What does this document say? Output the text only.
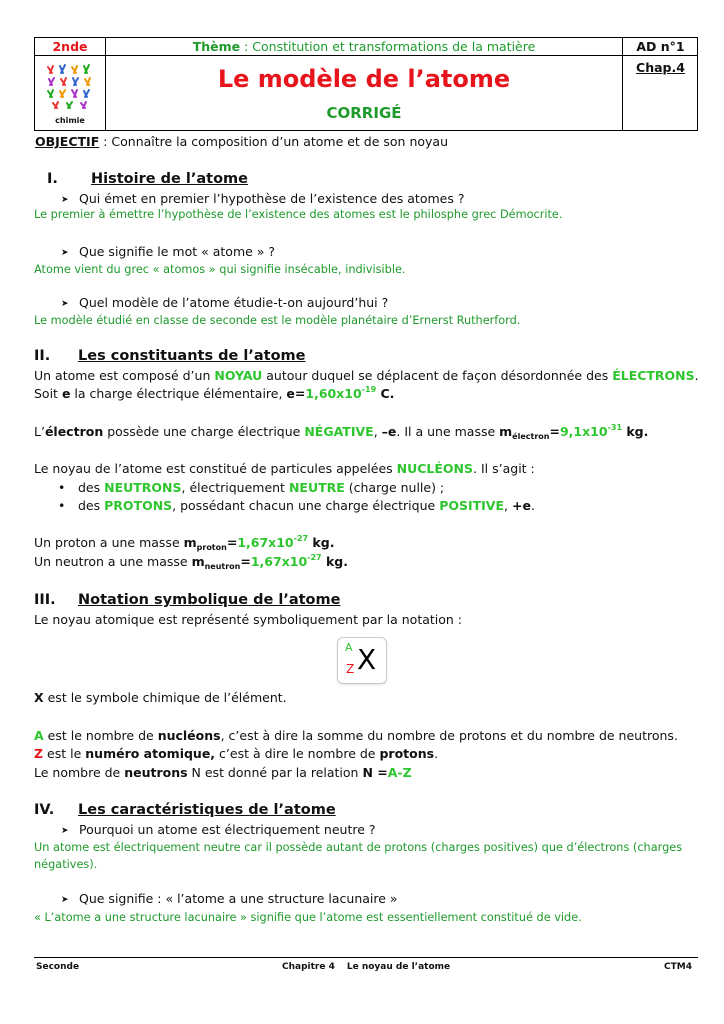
2nde	Thème : Constitution et transformations de la matière	AD n°1
chimie
Le modèle de l’atome
CORRIGÉ
Chap.4
OBJECTIF : Connaître la composition d’un atome et de son noyau
I. Histoire de l’atome
➤ Qui émet en premier l’hypothèse de l’existence des atomes ?
Le premier à émettre l’hypothèse de l’existence des atomes est le philosphe grec Démocrite.
➤ Que signifie le mot « atome » ?
Atome vient du grec « atomos » qui signifie insécable, indivisible.
➤ Quel modèle de l’atome étudie-t-on aujourd’hui ?
Le modèle étudié en classe de seconde est le modèle planétaire d’Ernerst Rutherford.
II. Les constituants de l’atome
Un atome est composé d’un NOYAU autour duquel se déplacent de façon désordonnée des ÉLECTRONS.
Soit e la charge électrique élémentaire, $e=1,60x10^{-19}$ C.
L’électron possède une charge électrique NÉGATIVE, –e. Il a une masse $m_{électron}=9,1x10^{-31}$ kg.
Le noyau de l’atome est constitué de particules appelées NUCLÉONS. Il s’agit :
• des NEUTRONS, électriquement NEUTRE (charge nulle) ;
• des PROTONS, possédant chacun une charge électrique POSITIVE, +e.
Un proton a une masse $m_{proton}=1,67x10^{-27}$ kg.
Un neutron a une masse $m_{neutron}=1,67x10^{-27}$ kg.
III. Notation symbolique de l’atome
Le noyau atomique est représenté symboliquement par la notation :
A
Z X
X est le symbole chimique de l’élément.
A est le nombre de nucléons, c’est à dire la somme du nombre de protons et du nombre de neutrons.
Z est le numéro atomique, c’est à dire le nombre de protons.
Le nombre de neutrons N est donné par la relation N =A-Z
IV. Les caractéristiques de l’atome
➤ Pourquoi un atome est électriquement neutre ?
Un atome est électriquement neutre car il possède autant de protons (charges positives) que d’électrons (charges
négatives).
➤ Que signifie : « l’atome a une structure lacunaire »
« L’atome a une structure lacunaire » signifie que l’atome est essentiellement constitué de vide.
Seconde	Chapitre 4 Le noyau de l’atome	CTM4
